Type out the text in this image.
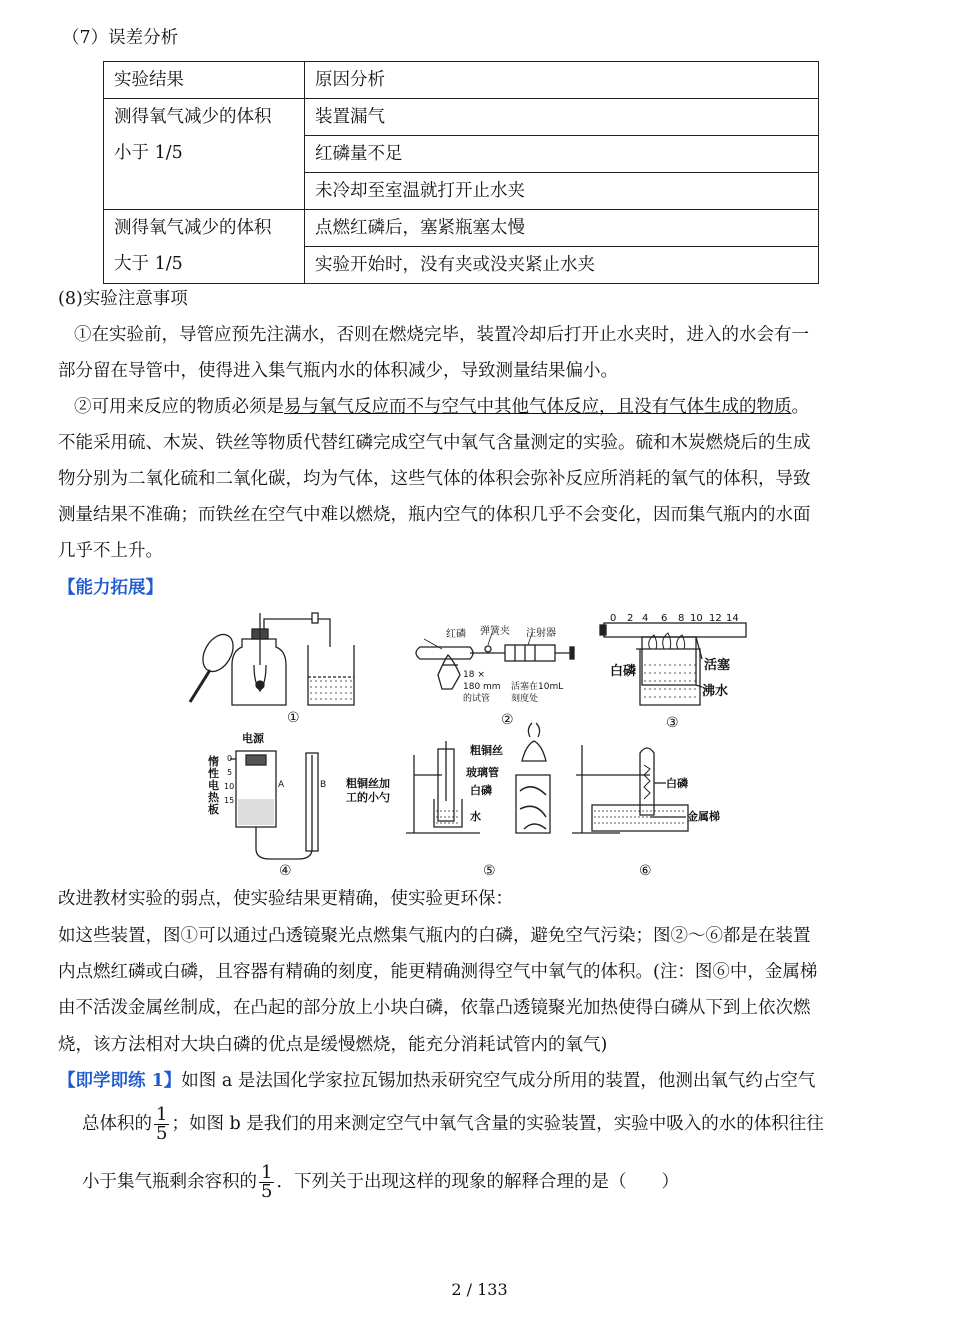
（7）误差分析
实验结果	原因分析

测得氧气减少的体积
小于 1/5	装置漏气

	红磷量不足

	未冷却至室温就打开止水夹

测得氧气减少的体积
大于 1/5	点燃红磷后，塞紧瓶塞太慢

	实验开始时，没有夹或没夹紧止水夹
(8)实验注意事项
①在实验前，导管应预先注满水，否则在燃烧完毕，装置冷却后打开止水夹时，进入的水会有一
部分留在导管中，使得进入集气瓶内水的体积减少，导致测量结果偏小。
②可用来反应的物质必须是易与氧气反应而不与空气中其他气体反应，且没有气体生成的物质。
不能采用硫、木炭、铁丝等物质代替红磷完成空气中氧气含量测定的实验。硫和木炭燃烧后的生成
物分别为二氧化硫和二氧化碳，均为气体，这些气体的体积会弥补反应所消耗的氧气的体积，导致
测量结果不准确；而铁丝在空气中难以燃烧，瓶内空气的体积几乎不会变化，因而集气瓶内的水面
几乎不上升。
【能力拓展】
①
红磷 弹簧夹 注射器
18 ×
180 mm
的试管
活塞在10mL
刻度处
②
0 2 4 6 8 10 12 14
白磷	活塞
沸水
③
电源
惰
性
电
热
板
0
5
10
15
A	B
④
粗铜丝
玻璃管
白磷
水
粗铜丝加
工的小勺
⑤
白磷
金属梯
⑥
改进教材实验的弱点，使实验结果更精确，使实验更环保：
如这些装置，图①可以通过凸透镜聚光点燃集气瓶内的白磷，避免空气污染；图②～⑥都是在装置
内点燃红磷或白磷，且容器有精确的刻度，能更精确测得空气中氧气的体积。(注：图⑥中，金属梯
由不活泼金属丝制成，在凸起的部分放上小块白磷，依靠凸透镜聚光加热使得白磷从下到上依次燃
烧，该方法相对大块白磷的优点是缓慢燃烧，能充分消耗试管内的氧气)
【即学即练 1】如图 a 是法国化学家拉瓦锡加热汞研究空气成分所用的装置，他测出氧气约占空气
总体积的 $\frac{1}{5}$ ；如图 b 是我们的用来测定空气中氧气含量的实验装置，实验中吸入的水的体积往往
小于集气瓶剩余容积的 $\frac{1}{5}$ ．下列关于出现这样的现象的解释合理的是（　　）
2 / 133
